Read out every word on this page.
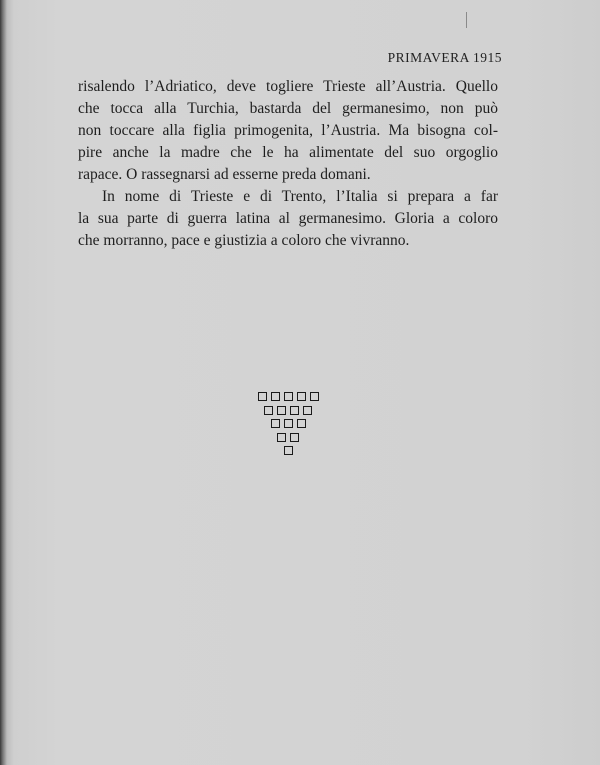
PRIMAVERA 1915
risalendo l’Adriatico, deve togliere Trieste all’Austria. Quello
che tocca alla Turchia, bastarda del germanesimo, non può
non toccare alla figlia primogenita, l’Austria. Ma bisogna col-
pire anche la madre che le ha alimentate del suo orgoglio
rapace. O rassegnarsi ad esserne preda domani.
In nome di Trieste e di Trento, l’Italia si prepara a far
la sua parte di guerra latina al germanesimo. Gloria a coloro
che morranno, pace e giustizia a coloro che vivranno.
